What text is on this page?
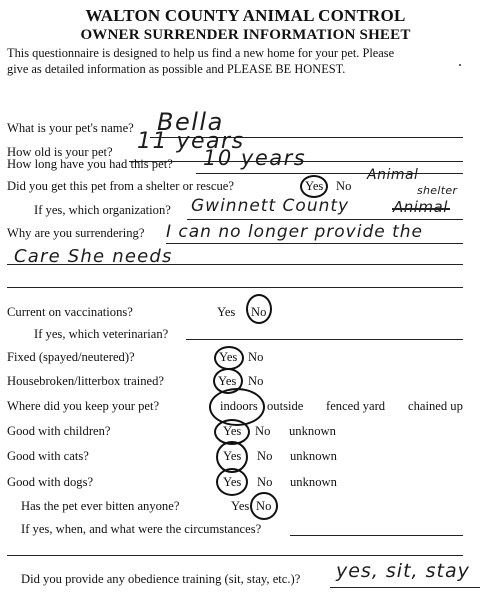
WALTON COUNTY ANIMAL CONTROL
OWNER SURRENDER INFORMATION SHEET
This questionnaire is designed to help us find a new home for your pet. Please
give as detailed information as possible and PLEASE BE HONEST.
What is your pet's name? Bella
How old is your pet? 11 years
How long have you had this pet? 10 years
Did you get this pet from a shelter or rescue?	Yes No
Animal
shelter
If yes, which organization? Gwinnett County	Animal
Why are you surrendering? I can no longer provide the
Care She needs
Current on vaccinations?	Yes No
If yes, which veterinarian?
Fixed (spayed/neutered)?	Yes No
Housebroken/litterbox trained?	Yes No
Where did you keep your pet?	indoors outside fenced yard chained up
Good with children?	Yes No unknown
Good with cats?	Yes No unknown
Good with dogs?	Yes No unknown
Has the pet ever bitten anyone?	Yes No
If yes, when, and what were the circumstances?
Did you provide any obedience training (sit, stay, etc.)? yes, sit, stay
